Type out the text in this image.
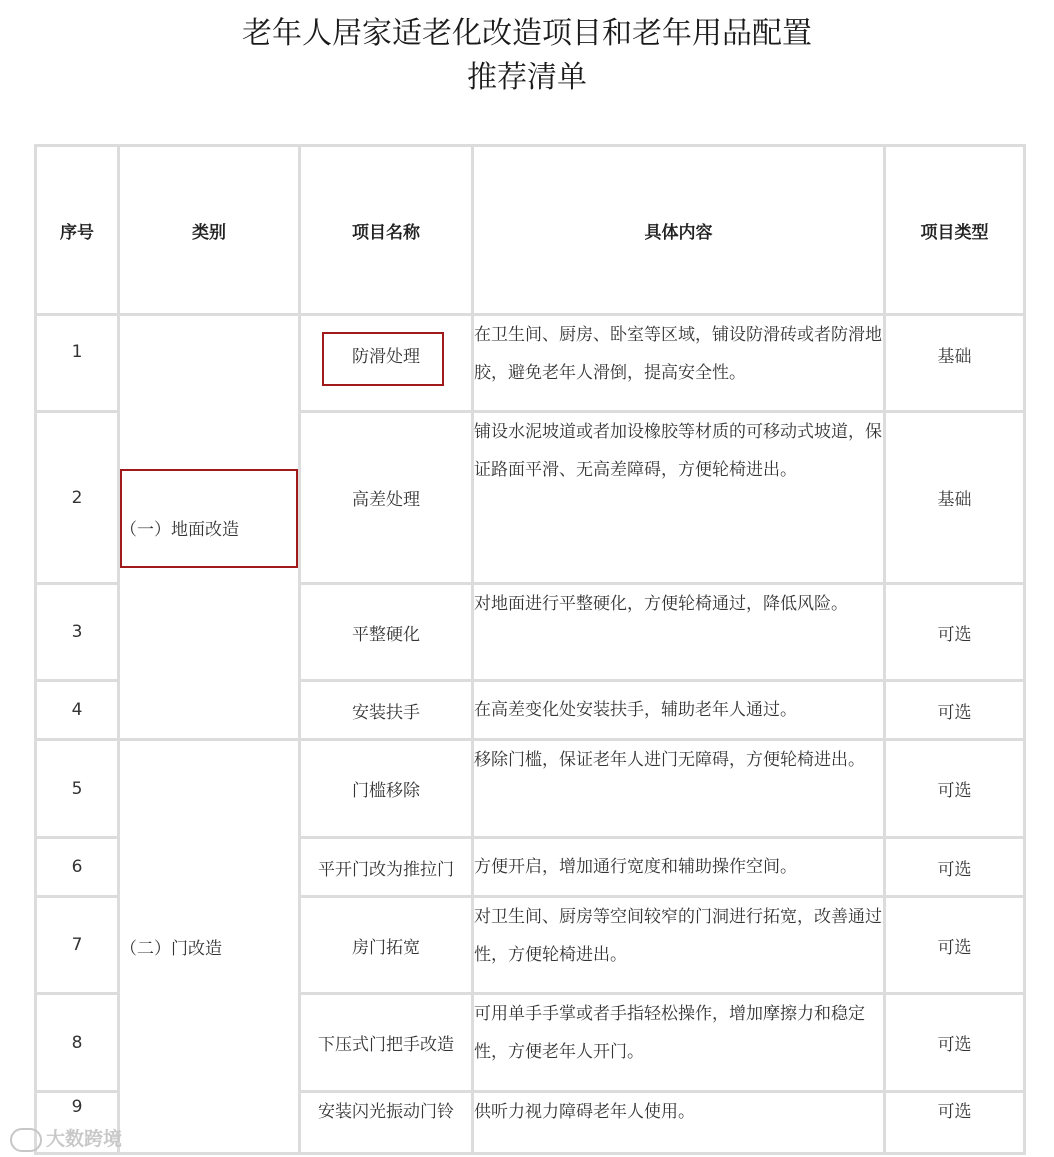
老年人居家适老化改造项目和老年用品配置
推荐清单
序号	类别	项目名称	具体内容	项目类型

1	（一）地面改造	防滑处理	在卫生间、厨房、卧室等区域，铺设防滑砖或者防滑地胶，避免老年人滑倒，提高安全性。	基础

2		高差处理	铺设水泥坡道或者加设橡胶等材质的可移动式坡道，保证路面平滑、无高差障碍，方便轮椅进出。	基础
3		平整硬化	对地面进行平整硬化，方便轮椅通过，降低风险。	可选
4		安装扶手	在高差变化处安装扶手，辅助老年人通过。	可选
5	（二）门改造	门槛移除	移除门槛，保证老年人进门无障碍，方便轮椅进出。	可选
6		平开门改为推拉门	方便开启，增加通行宽度和辅助操作空间。	可选
7		房门拓宽	对卫生间、厨房等空间较窄的门洞进行拓宽，改善通过性，方便轮椅进出。	可选
8		下压式门把手改造	可用单手手掌或者手指轻松操作，增加摩擦力和稳定性，方便老年人开门。	可选
9		安装闪光振动门铃	供听力视力障碍老年人使用。	可选
大数跨境
